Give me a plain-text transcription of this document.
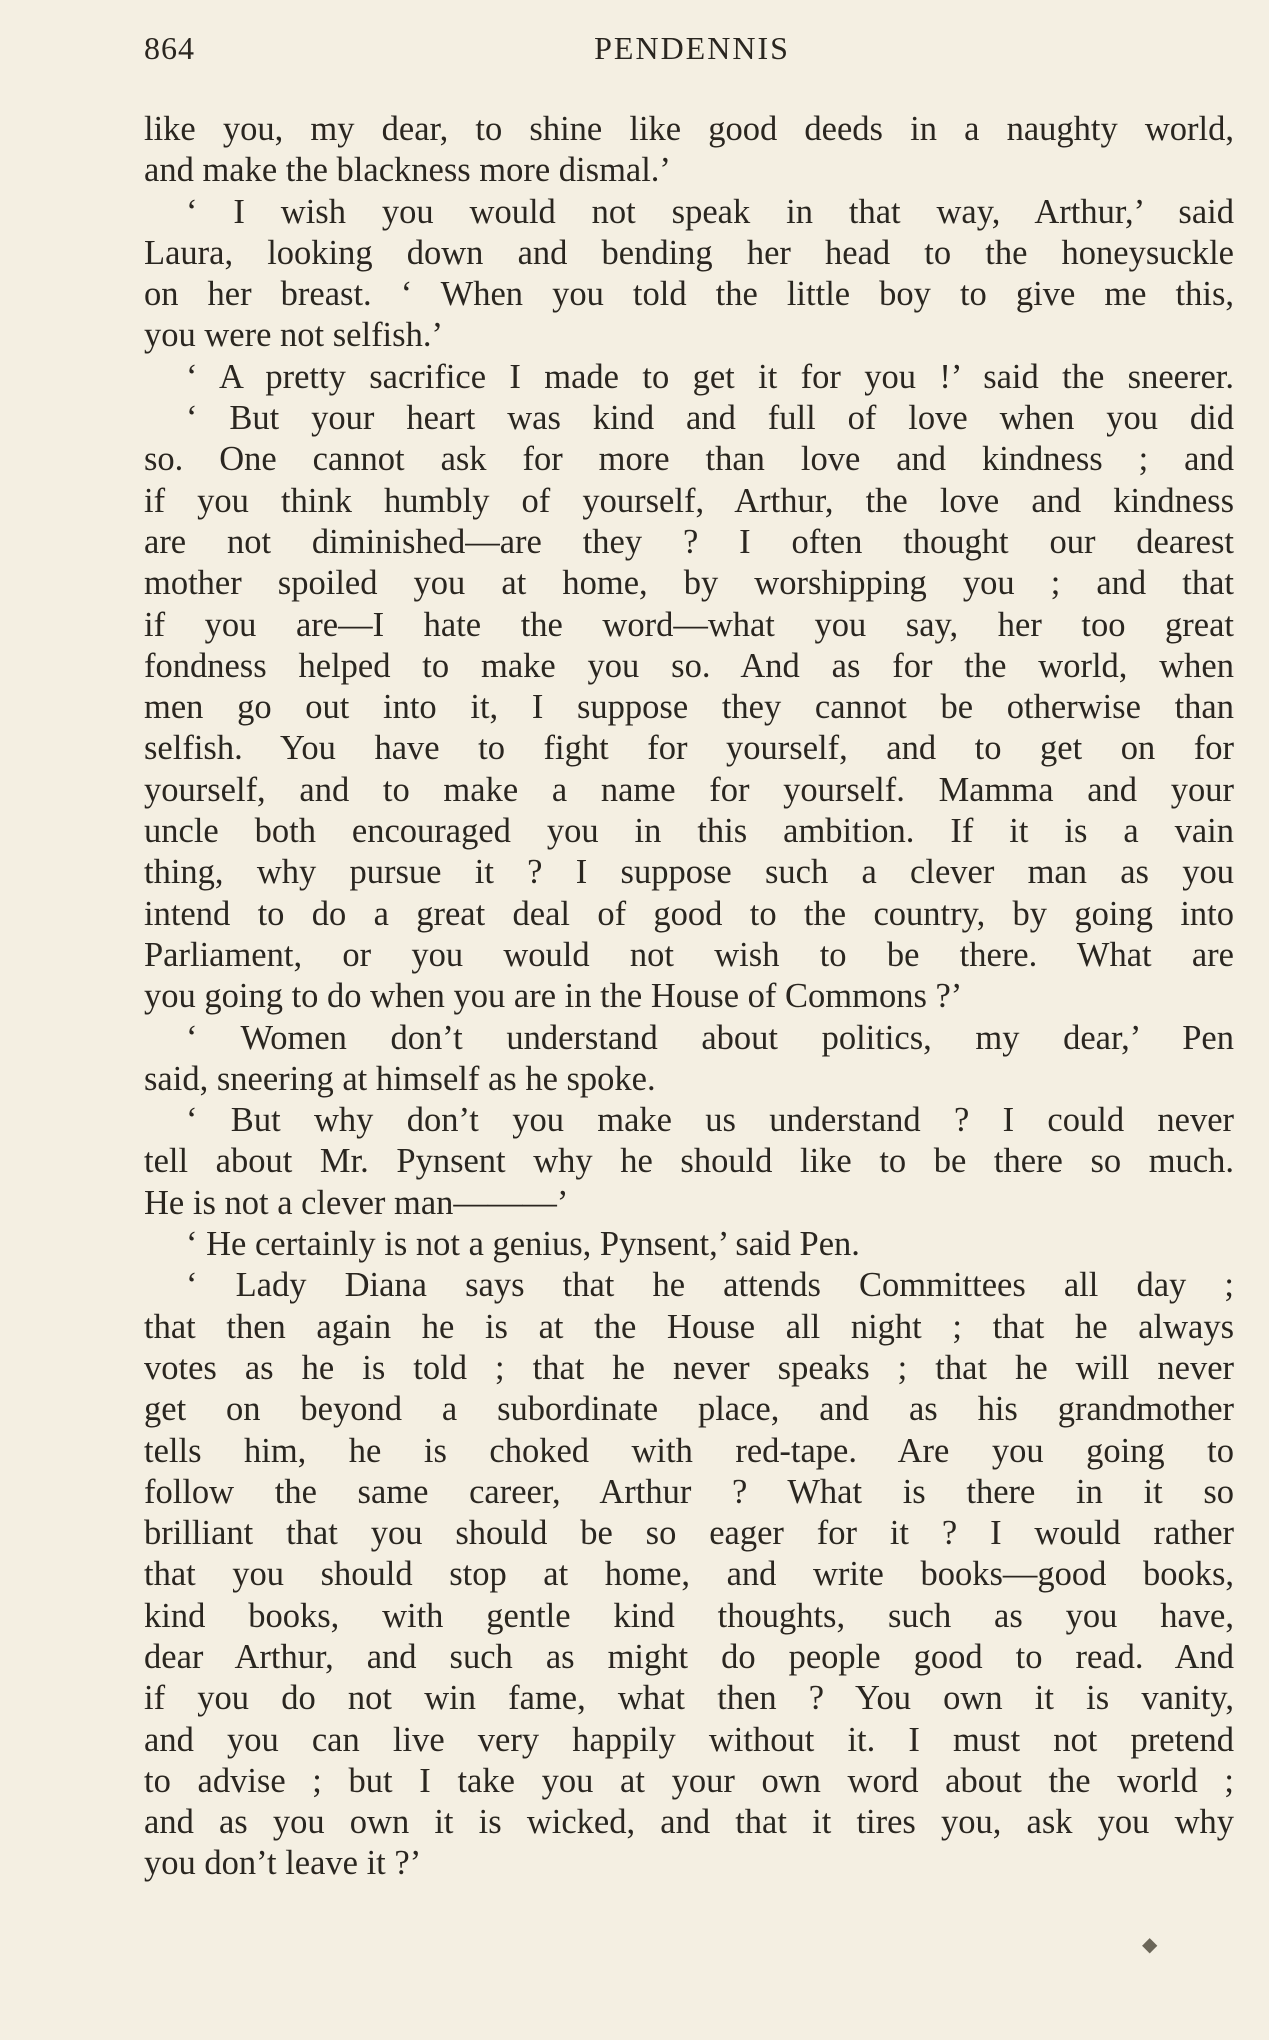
864	PENDENNIS
like you, my dear, to shine like good deeds in a naughty world,
and make the blackness more dismal.’
‘ I wish you would not speak in that way, Arthur,’ said
Laura, looking down and bending her head to the honeysuckle
on her breast. ‘ When you told the little boy to give me this,
you were not selfish.’
‘ A pretty sacrifice I made to get it for you !’ said the sneerer.
‘ But your heart was kind and full of love when you did
so. One cannot ask for more than love and kindness ; and
if you think humbly of yourself, Arthur, the love and kindness
are not diminished—are they ? I often thought our dearest
mother spoiled you at home, by worshipping you ; and that
if you are—I hate the word—what you say, her too great
fondness helped to make you so. And as for the world, when
men go out into it, I suppose they cannot be otherwise than
selfish. You have to fight for yourself, and to get on for
yourself, and to make a name for yourself. Mamma and your
uncle both encouraged you in this ambition. If it is a vain
thing, why pursue it ? I suppose such a clever man as you
intend to do a great deal of good to the country, by going into
Parliament, or you would not wish to be there. What are
you going to do when you are in the House of Commons ?’
‘ Women don’t understand about politics, my dear,’ Pen
said, sneering at himself as he spoke.
‘ But why don’t you make us understand ? I could never
tell about Mr. Pynsent why he should like to be there so much.
He is not a clever man———’
‘ He certainly is not a genius, Pynsent,’ said Pen.
‘ Lady Diana says that he attends Committees all day ;
that then again he is at the House all night ; that he always
votes as he is told ; that he never speaks ; that he will never
get on beyond a subordinate place, and as his grandmother
tells him, he is choked with red-tape. Are you going to
follow the same career, Arthur ? What is there in it so
brilliant that you should be so eager for it ? I would rather
that you should stop at home, and write books—good books,
kind books, with gentle kind thoughts, such as you have,
dear Arthur, and such as might do people good to read. And
if you do not win fame, what then ? You own it is vanity,
and you can live very happily without it. I must not pretend
to advise ; but I take you at your own word about the world ;
and as you own it is wicked, and that it tires you, ask you why
you don’t leave it ?’
◆
